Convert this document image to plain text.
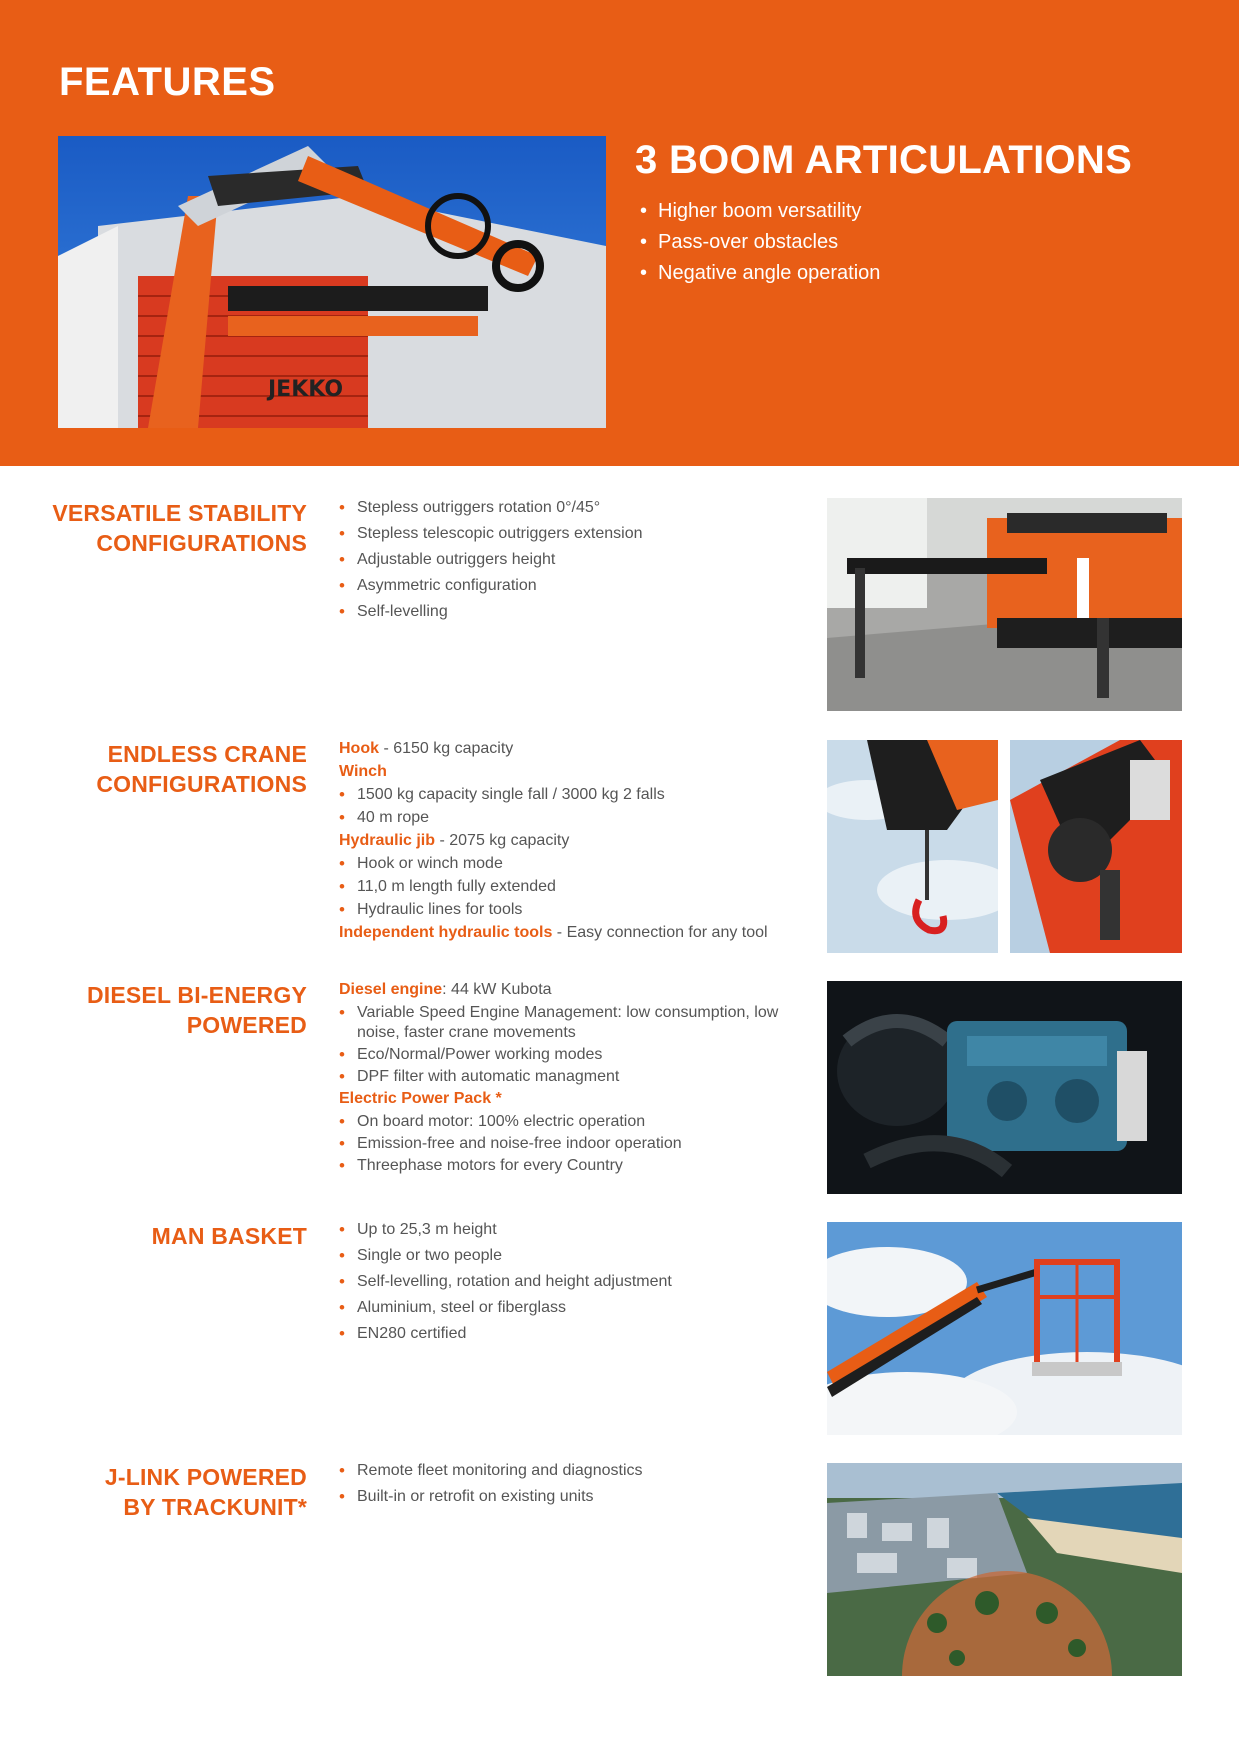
FEATURES
JEKKO
3 BOOM ARTICULATIONS
• Higher boom versatility
• Pass-over obstacles
• Negative angle operation
VERSATILE STABILITY
CONFIGURATIONS
• Stepless outriggers rotation 0°/45°
• Stepless telescopic outriggers extension
• Adjustable outriggers height
• Asymmetric configuration
• Self-levelling
ENDLESS CRANE
CONFIGURATIONS
Hook - 6150 kg capacity
Winch
• 1500 kg capacity single fall / 3000 kg 2 falls
• 40 m rope
Hydraulic jib - 2075 kg capacity
• Hook or winch mode
• 11,0 m length fully extended
• Hydraulic lines for tools
Independent hydraulic tools - Easy connection for any tool
DIESEL BI-ENERGY
POWERED
Diesel engine: 44 kW Kubota
• Variable Speed Engine Management: low consumption, low noise, faster crane movements
• Eco/Normal/Power working modes
• DPF filter with automatic managment
Electric Power Pack *
• On board motor: 100% electric operation
• Emission-free and noise-free indoor operation
• Threephase motors for every Country
MAN BASKET
•	Up to 25,3 m height
• Single or two people
• Self-levelling, rotation and height adjustment
• Aluminium, steel or fiberglass
• EN280 certified
J-LINK POWERED
BY TRACKUNIT*
• Remote fleet monitoring and diagnostics
• Built-in or retrofit on existing units
